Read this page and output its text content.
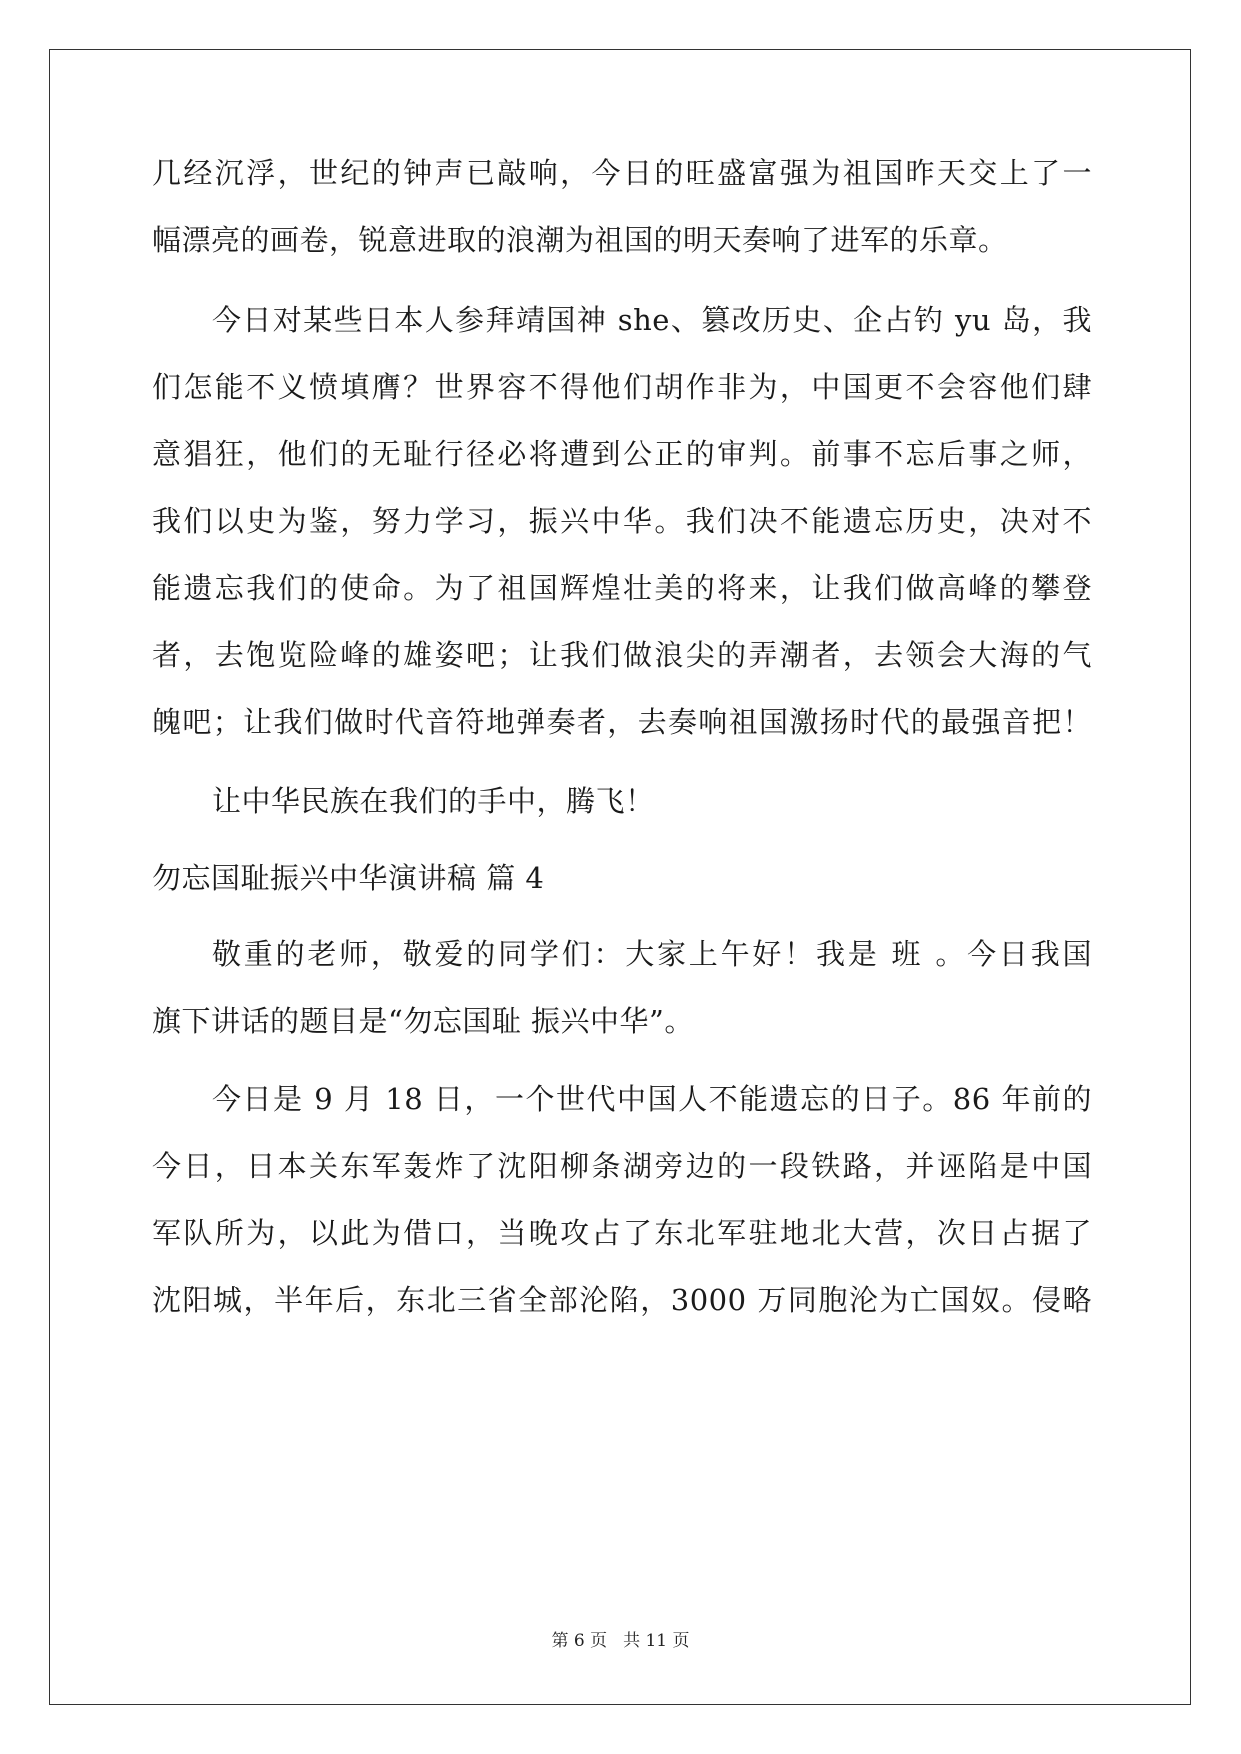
几经沉浮，世纪的钟声已敲响，今日的旺盛富强为祖国昨天交上了一
幅漂亮的画卷，锐意进取的浪潮为祖国的明天奏响了进军的乐章。
今日对某些日本人参拜靖国神 she、篡改历史、企占钓 yu 岛，我
们怎能不义愤填膺？世界容不得他们胡作非为，中国更不会容他们肆
意猖狂，他们的无耻行径必将遭到公正的审判。前事不忘后事之师，
我们以史为鉴，努力学习，振兴中华。我们决不能遗忘历史，决对不
能遗忘我们的使命。为了祖国辉煌壮美的将来，让我们做高峰的攀登
者，去饱览险峰的雄姿吧；让我们做浪尖的弄潮者，去领会大海的气
魄吧；让我们做时代音符地弹奏者，去奏响祖国激扬时代的最强音把！
让中华民族在我们的手中，腾飞！
勿忘国耻振兴中华演讲稿 篇 4
敬重的老师，敬爱的同学们：大家上午好！我是 班 。今日我国
旗下讲话的题目是“勿忘国耻 振兴中华”。
今日是 9 月 18 日，一个世代中国人不能遗忘的日子。86 年前的
今日，日本关东军轰炸了沈阳柳条湖旁边的一段铁路，并诬陷是中国
军队所为，以此为借口，当晚攻占了东北军驻地北大营，次日占据了
沈阳城，半年后，东北三省全部沦陷，3000 万同胞沦为亡国奴。侵略
第 6 页 共 11 页
